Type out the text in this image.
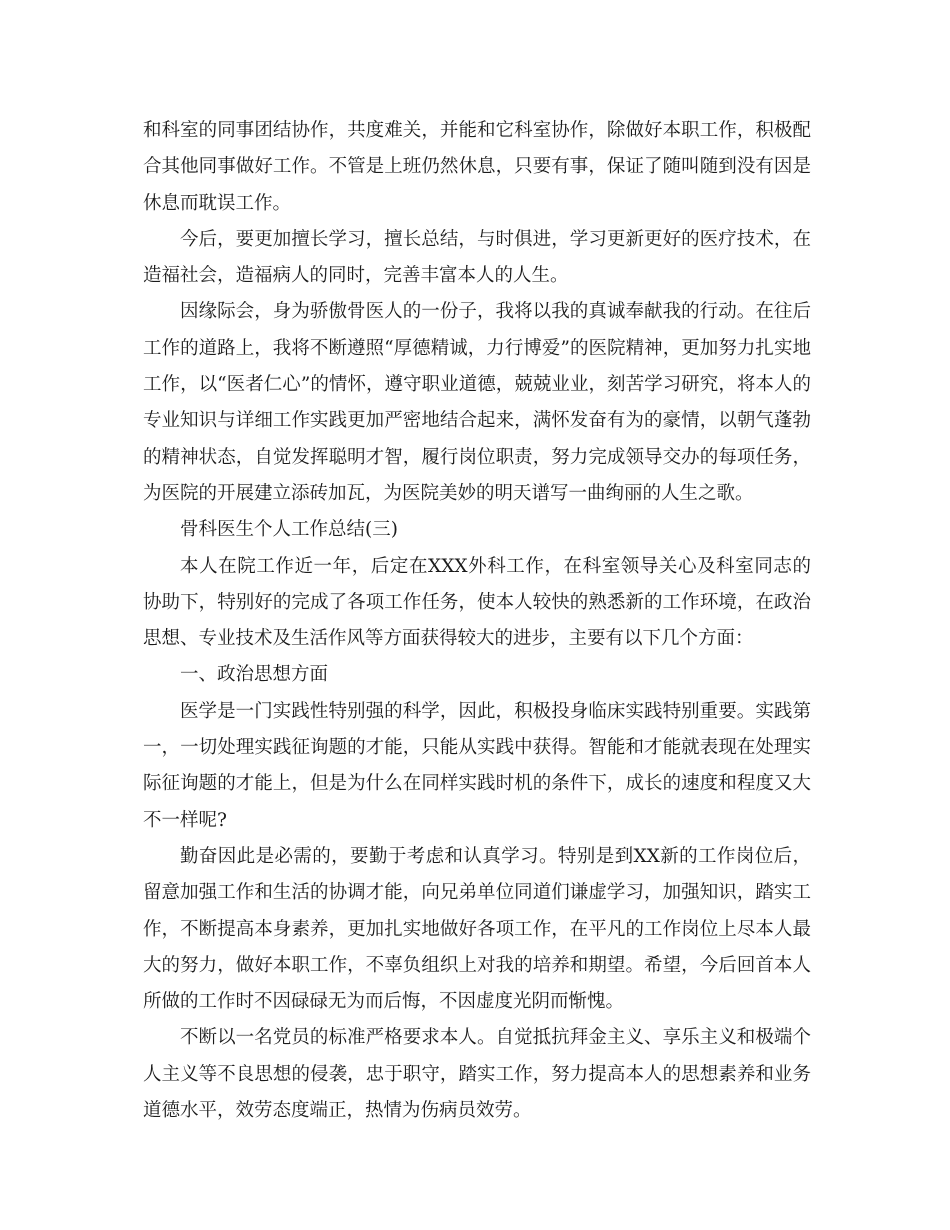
和科室的同事团结协作，共度难关，并能和它科室协作，除做好本职工作，积极配合其他同事做好工作。不管是上班仍然休息，只要有事，保证了随叫随到没有因是休息而耽误工作。

今后，要更加擅长学习，擅长总结，与时俱进，学习更新更好的医疗技术，在造福社会，造福病人的同时，完善丰富本人的人生。

因缘际会，身为骄傲骨医人的一份子，我将以我的真诚奉献我的行动。在往后工作的道路上，我将不断遵照“厚德精诚，力行博爱”的医院精神，更加努力扎实地工作，以“医者仁心”的情怀，遵守职业道德，兢兢业业，刻苦学习研究，将本人的专业知识与详细工作实践更加严密地结合起来，满怀发奋有为的豪情，以朝气蓬勃的精神状态，自觉发挥聪明才智，履行岗位职责，努力完成领导交办的每项任务，为医院的开展建立添砖加瓦，为医院美妙的明天谱写一曲绚丽的人生之歌。

骨科医生个人工作总结(三)

本人在院工作近一年，后定在XXX外科工作，在科室领导关心及科室同志的协助下，特别好的完成了各项工作任务，使本人较快的熟悉新的工作环境，在政治思想、专业技术及生活作风等方面获得较大的进步，主要有以下几个方面：

一、政治思想方面

医学是一门实践性特别强的科学，因此，积极投身临床实践特别重要。实践第一，一切处理实践征询题的才能，只能从实践中获得。智能和才能就表现在处理实际征询题的才能上，但是为什么在同样实践时机的条件下，成长的速度和程度又大不一样呢?

勤奋因此是必需的，要勤于考虑和认真学习。特别是到XX新的工作岗位后，留意加强工作和生活的协调才能，向兄弟单位同道们谦虚学习，加强知识，踏实工作，不断提高本身素养，更加扎实地做好各项工作，在平凡的工作岗位上尽本人最大的努力，做好本职工作，不辜负组织上对我的培养和期望。希望，今后回首本人所做的工作时不因碌碌无为而后悔，不因虚度光阴而惭愧。

不断以一名党员的标准严格要求本人。自觉抵抗拜金主义、享乐主义和极端个人主义等不良思想的侵袭，忠于职守，踏实工作，努力提高本人的思想素养和业务道德水平，效劳态度端正，热情为伤病员效劳。
